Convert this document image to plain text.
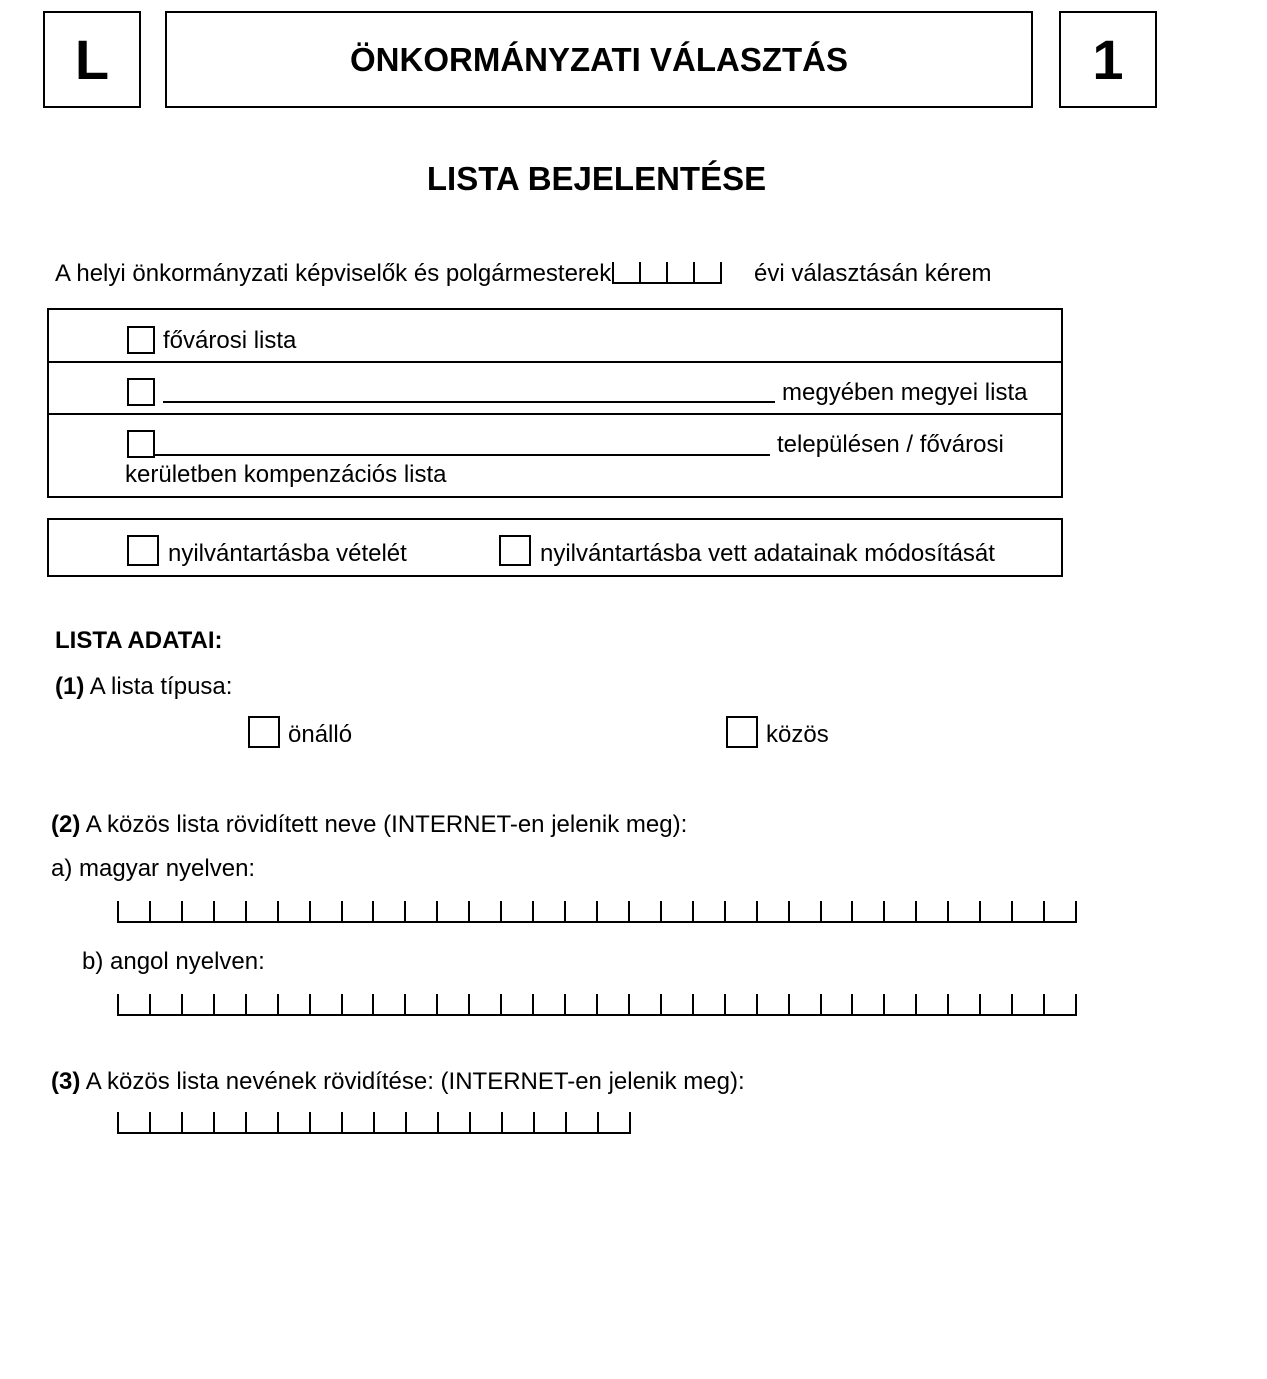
L	ÖNKORMÁNYZATI VÁLASZTÁS	1
LISTA BEJELENTÉSE
A helyi önkormányzati képviselők és polgármesterek	évi választásán kérem
fővárosi lista
megyében megyei lista
településen / fővárosi
kerületben kompenzációs lista
nyilvántartásba vételét	nyilvántartásba vett adatainak módosítását
LISTA ADATAI:
(1) A lista típusa:
önálló	közös
(2) A közös lista rövidített neve (INTERNET-en jelenik meg):
a) magyar nyelven:
b) angol nyelven:
(3) A közös lista nevének rövidítése: (INTERNET-en jelenik meg):
